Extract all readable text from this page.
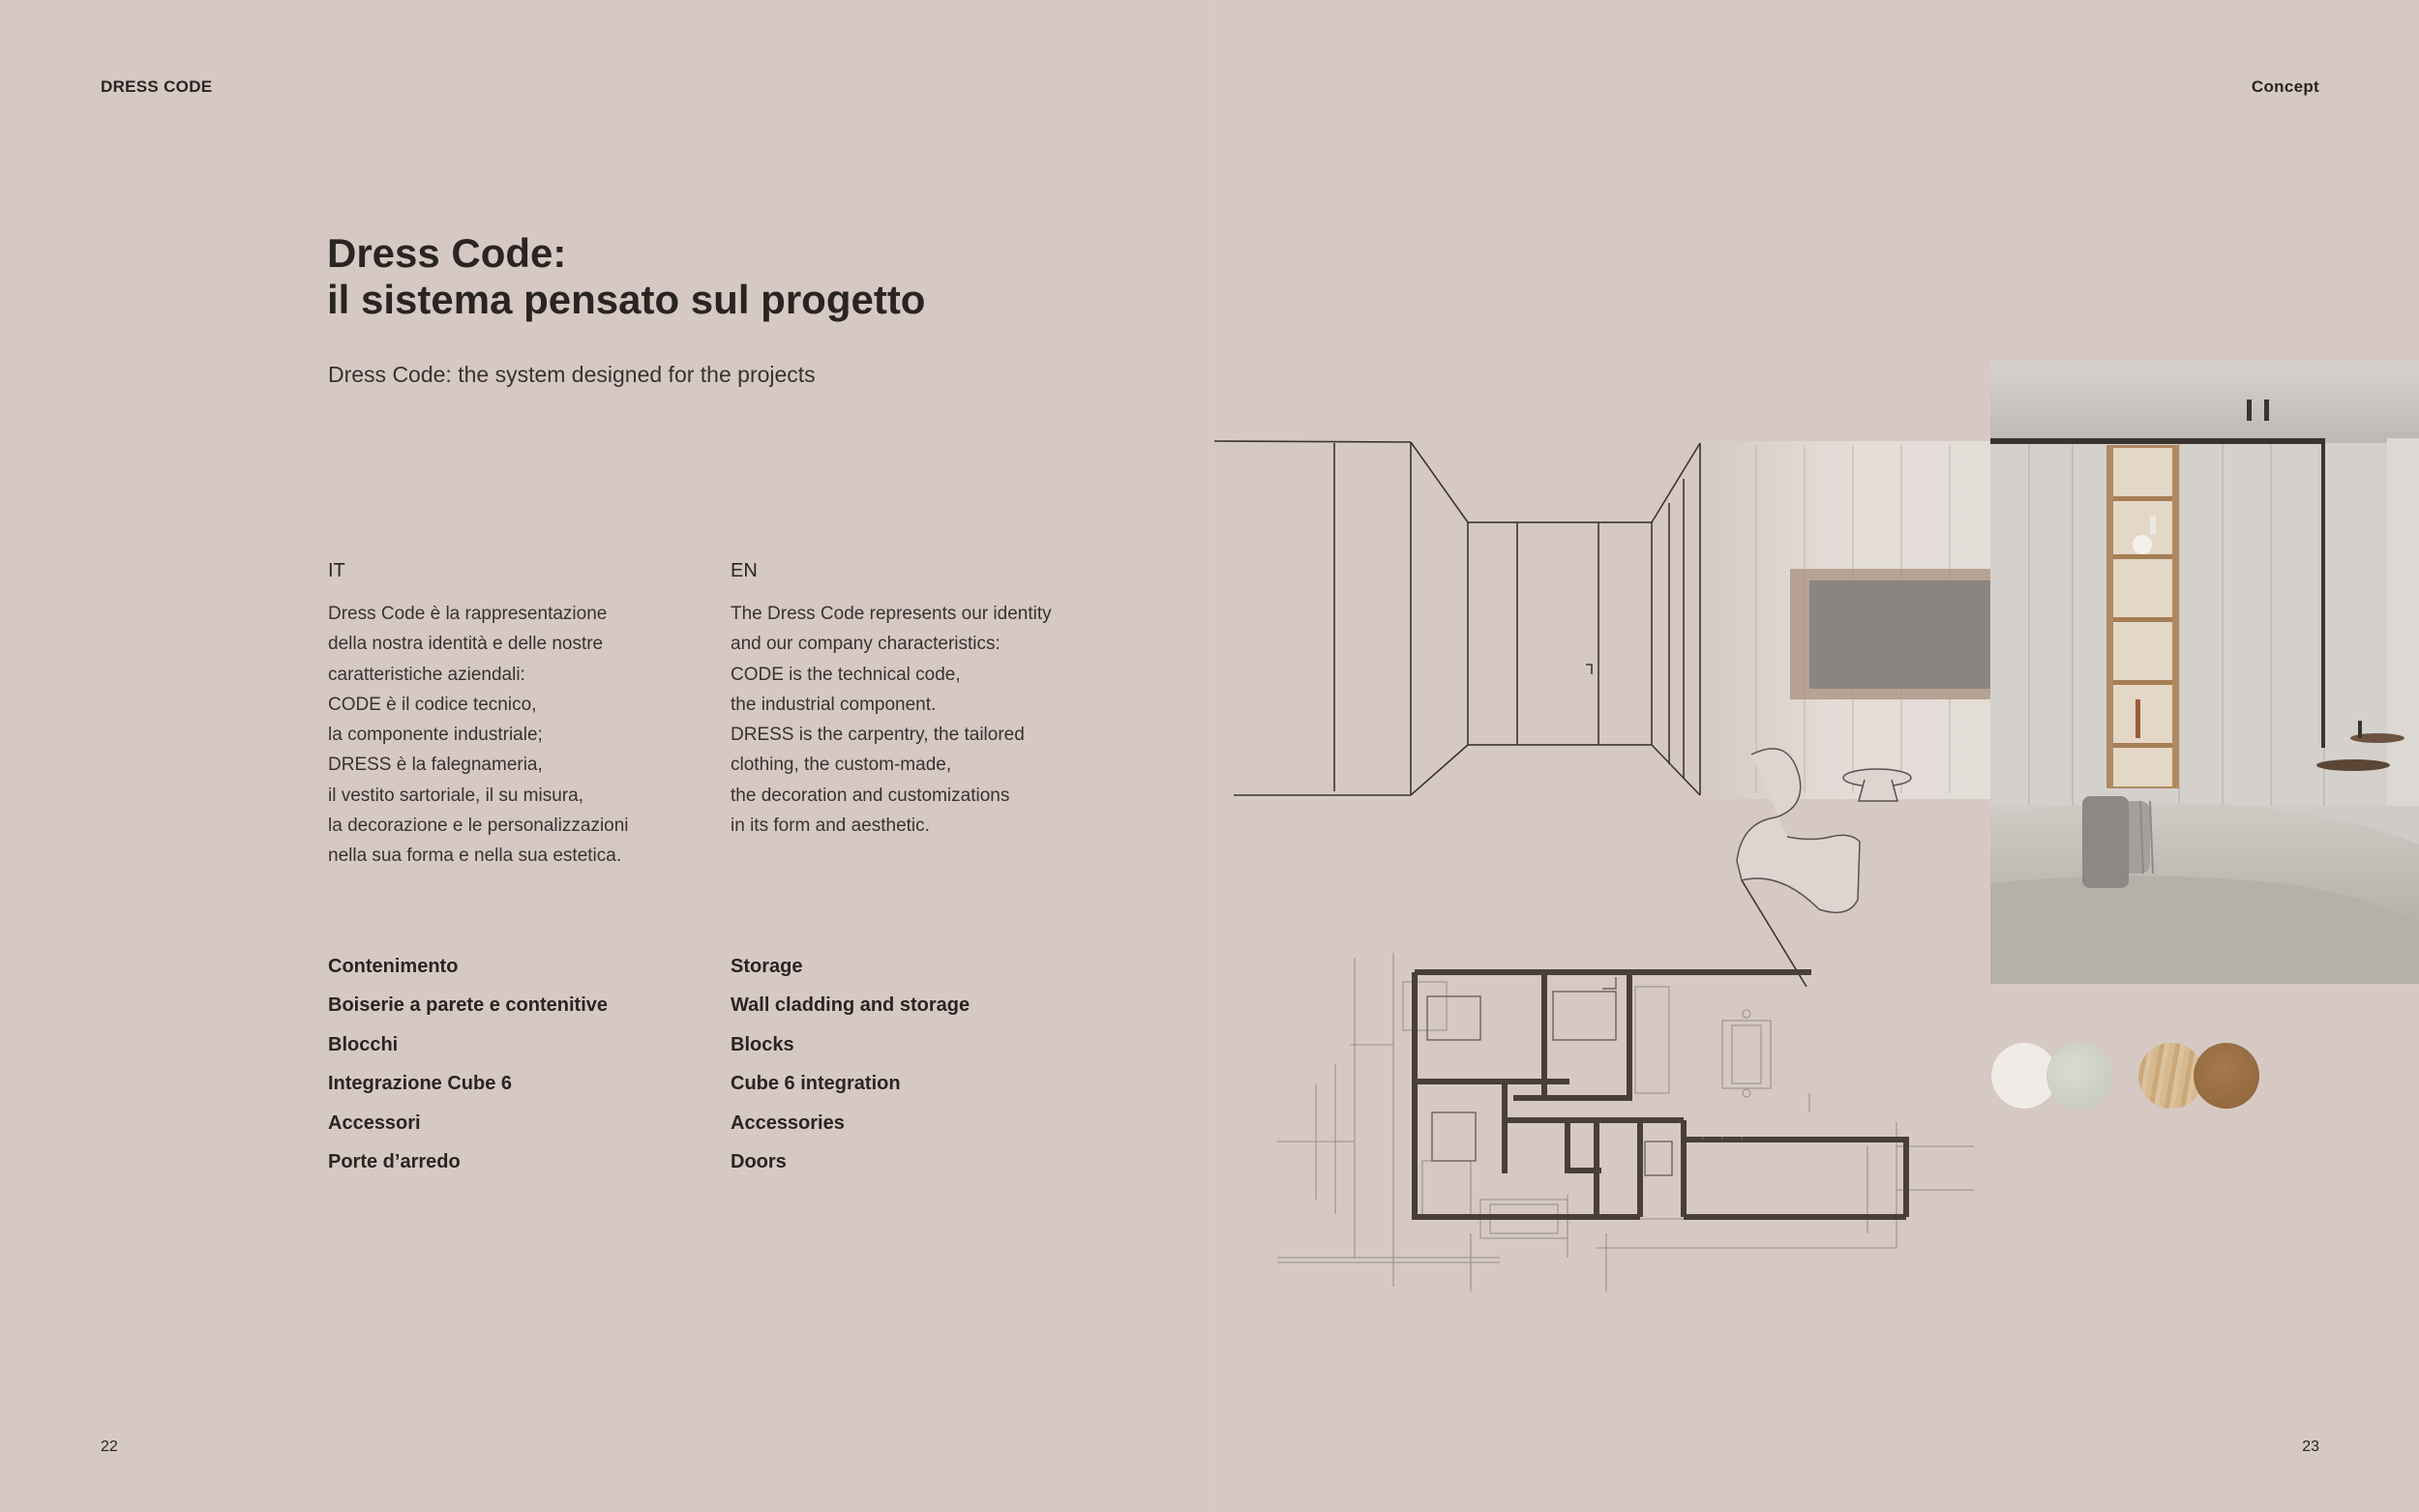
DRESS CODE	Concept
Dress Code:
il sistema pensato sul progetto

Dress Code: the system designed for the projects

IT

Dress Code è la rappresentazione
della nostra identità e delle nostre
caratteristiche aziendali:
CODE è il codice tecnico,
la componente industriale;
DRESS è la falegnameria,
il vestito sartoriale, il su misura,
la decorazione e le personalizzazioni
nella sua forma e nella sua estetica.

EN

The Dress Code represents our identity
and our company characteristics:
CODE is the technical code,
the industrial component.
DRESS is the carpentry, the tailored
clothing, the custom-made,
the decoration and customizations
in its form and aesthetic.
Contenimento
Boiserie a parete e contenitive
Blocchi
Integrazione Cube 6
Accessori
Porte d’arredo
Storage
Wall cladding and storage
Blocks
Cube 6 integration
Accessories
Doors
22	23
